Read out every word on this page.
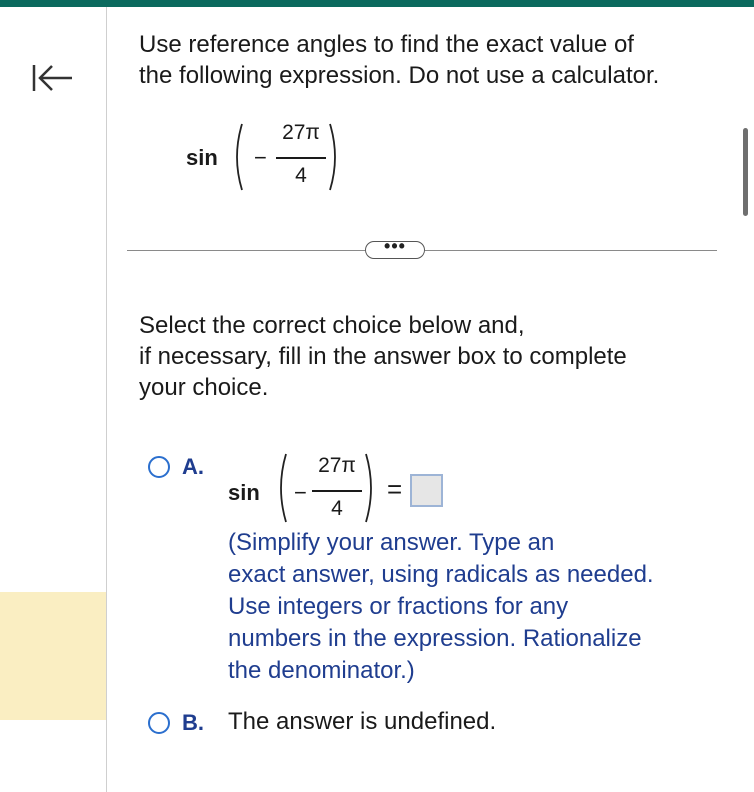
Use reference angles to find the exact value of
the following expression. Do not use a calculator.
sin −
27π
4
•••
Select the correct choice below and,
if necessary, fill in the answer box to complete
your choice.
A.
sin −
27π
4
=
(Simplify your answer. Type an
exact answer, using radicals as needed.
Use integers or fractions for any
numbers in the expression. Rationalize
the denominator.)
B. The answer is undefined.
